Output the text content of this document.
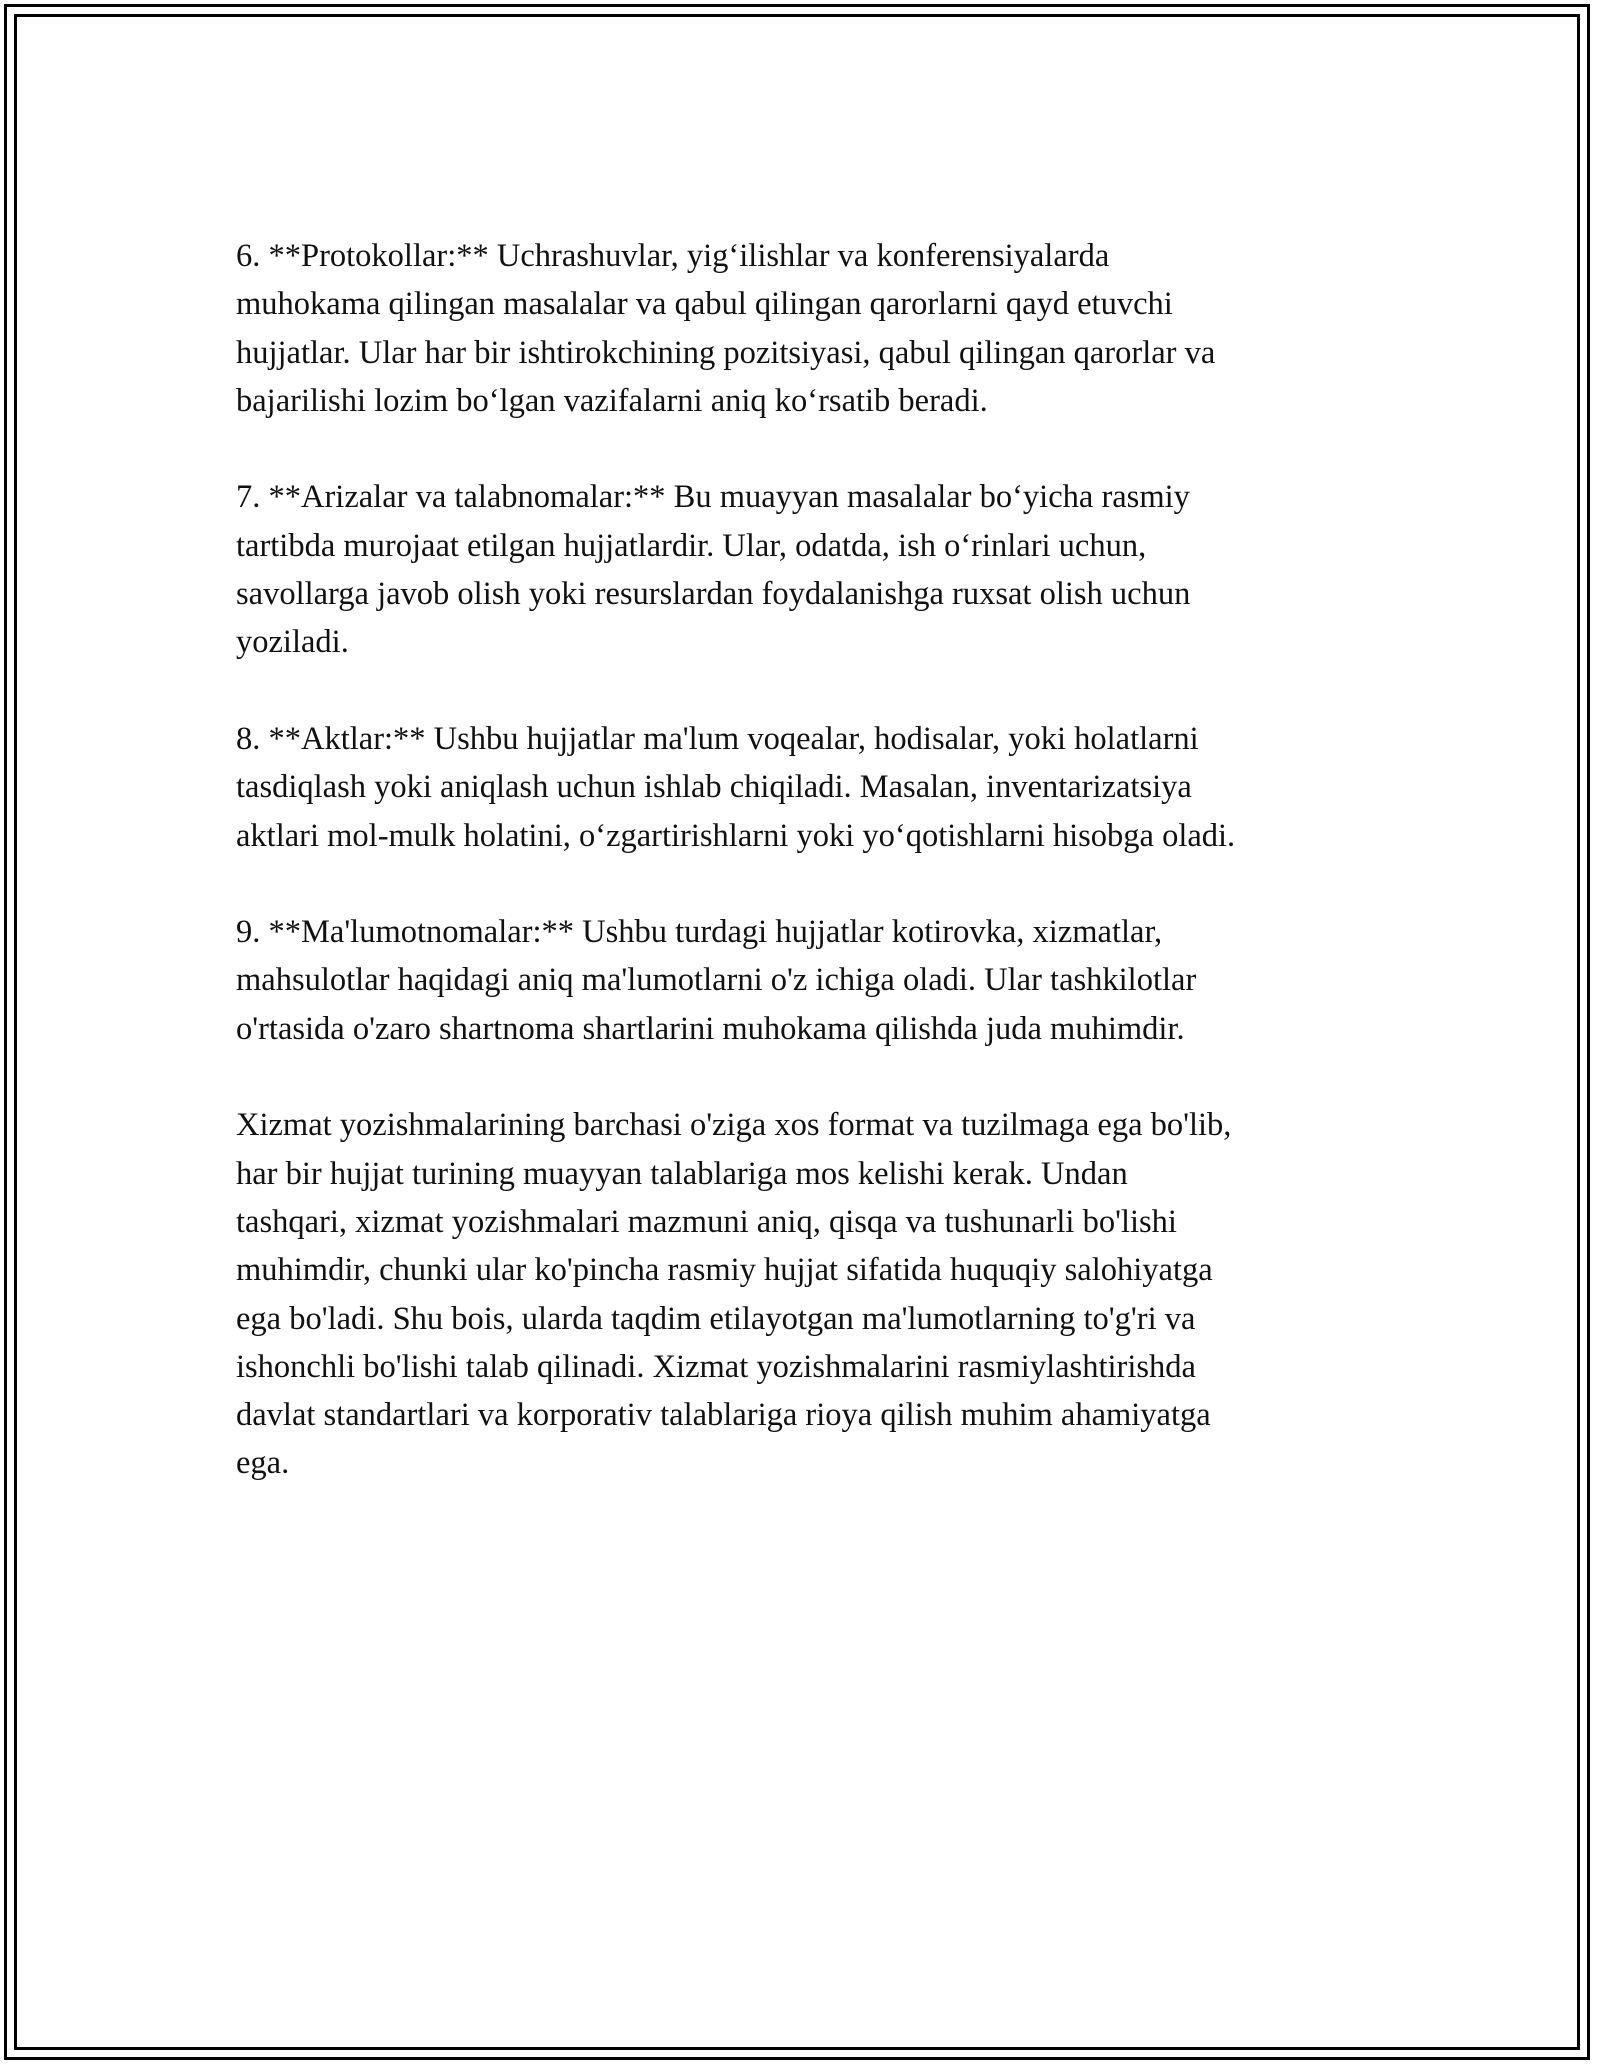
6. **Protokollar:** Uchrashuvlar, yig‘ilishlar va konferensiyalarda
muhokama qilingan masalalar va qabul qilingan qarorlarni qayd etuvchi
hujjatlar. Ular har bir ishtirokchining pozitsiyasi, qabul qilingan qarorlar va
bajarilishi lozim bo‘lgan vazifalarni aniq ko‘rsatib beradi.

7. **Arizalar va talabnomalar:** Bu muayyan masalalar bo‘yicha rasmiy
tartibda murojaat etilgan hujjatlardir. Ular, odatda, ish o‘rinlari uchun,
savollarga javob olish yoki resurslardan foydalanishga ruxsat olish uchun
yoziladi.

8. **Aktlar:** Ushbu hujjatlar ma'lum voqealar, hodisalar, yoki holatlarni
tasdiqlash yoki aniqlash uchun ishlab chiqiladi. Masalan, inventarizatsiya
aktlari mol-mulk holatini, o‘zgartirishlarni yoki yo‘qotishlarni hisobga oladi.

9. **Ma'lumotnomalar:** Ushbu turdagi hujjatlar kotirovka, xizmatlar,
mahsulotlar haqidagi aniq ma'lumotlarni o'z ichiga oladi. Ular tashkilotlar
o'rtasida o'zaro shartnoma shartlarini muhokama qilishda juda muhimdir.

Xizmat yozishmalarining barchasi o'ziga xos format va tuzilmaga ega bo'lib,
har bir hujjat turining muayyan talablariga mos kelishi kerak. Undan
tashqari, xizmat yozishmalari mazmuni aniq, qisqa va tushunarli bo'lishi
muhimdir, chunki ular ko'pincha rasmiy hujjat sifatida huquqiy salohiyatga
ega bo'ladi. Shu bois, ularda taqdim etilayotgan ma'lumotlarning to'g'ri va
ishonchli bo'lishi talab qilinadi. Xizmat yozishmalarini rasmiylashtirishda
davlat standartlari va korporativ talablariga rioya qilish muhim ahamiyatga
ega.
